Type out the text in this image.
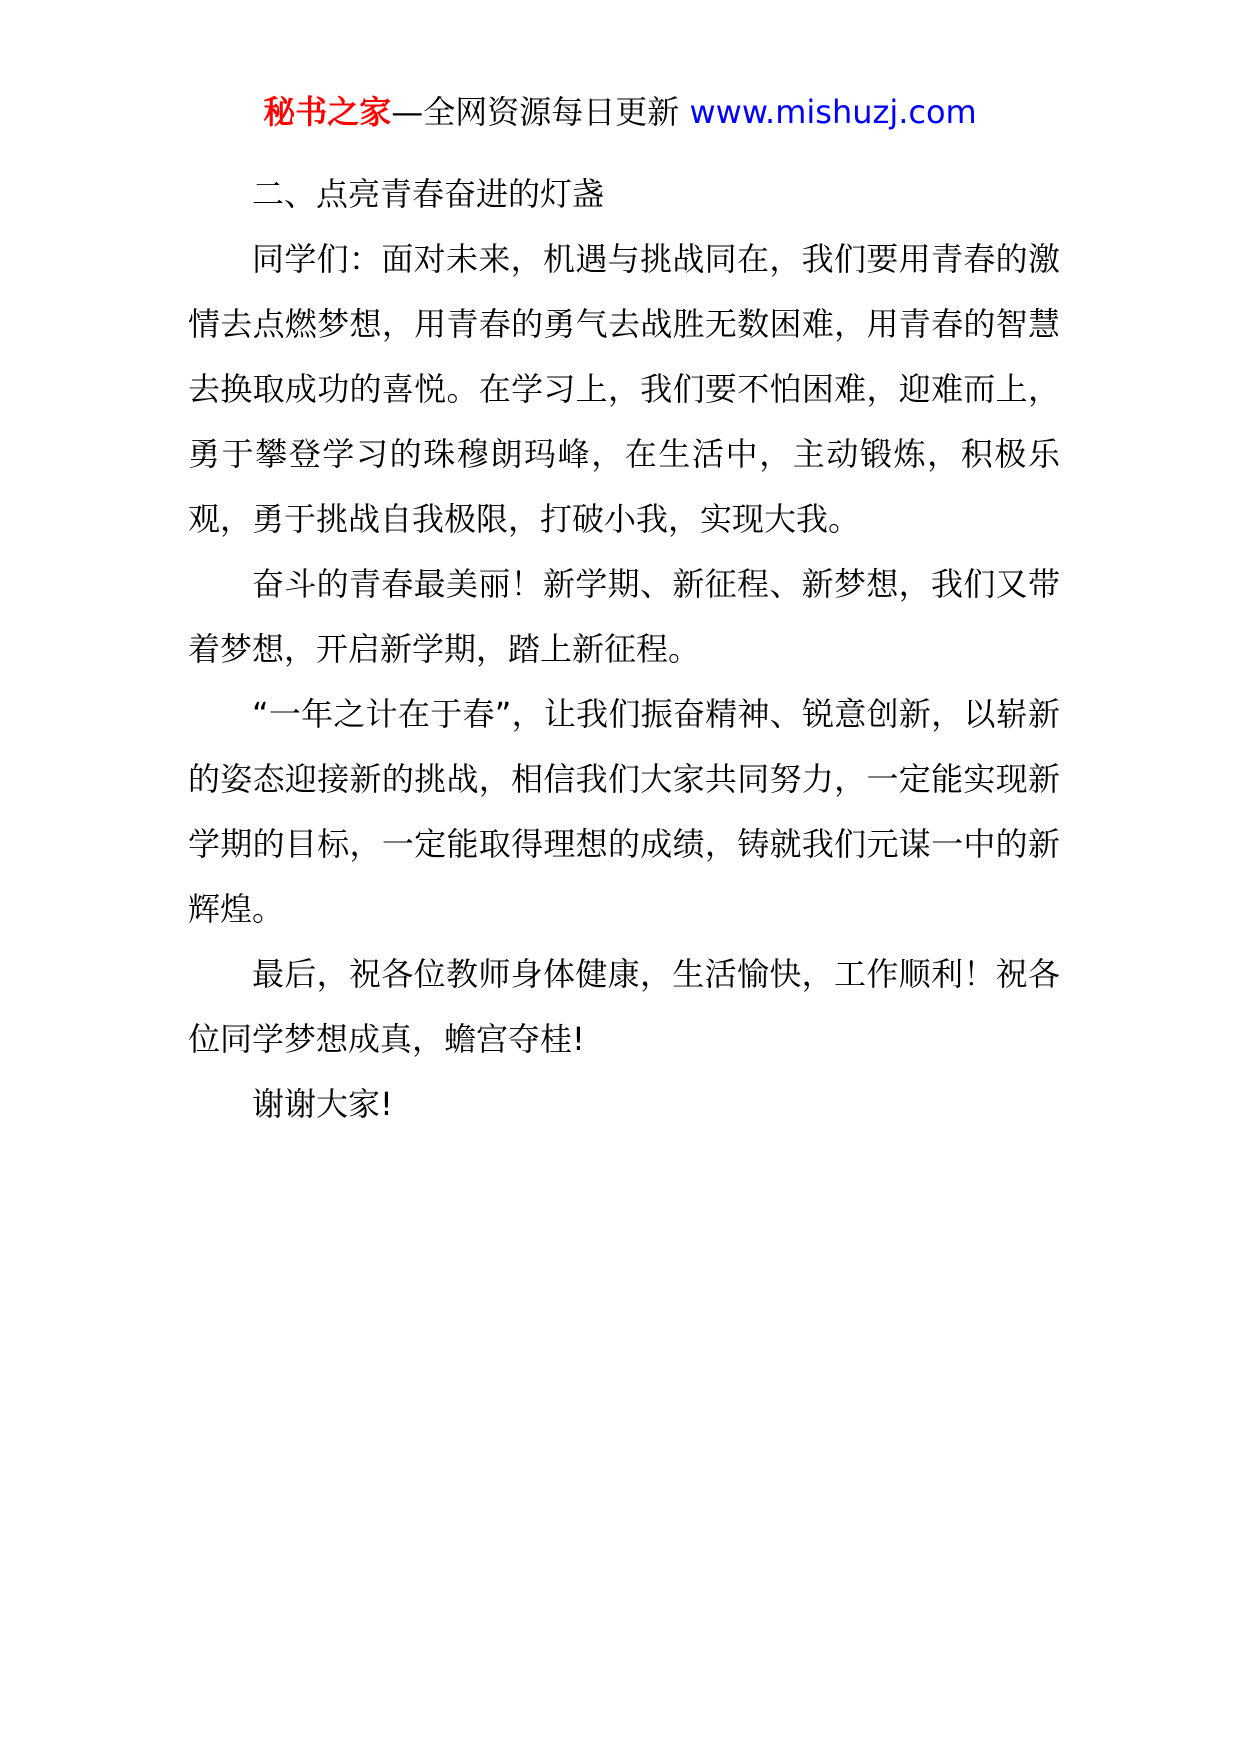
秘书之家—全网资源每日更新 www.mishuzj.com

二、点亮青春奋进的灯盏

同学们：面对未来，机遇与挑战同在，我们要用青春的激情去点燃梦想，用青春的勇气去战胜无数困难，用青春的智慧去换取成功的喜悦。在学习上，我们要不怕困难，迎难而上，勇于攀登学习的珠穆朗玛峰，在生活中，主动锻炼，积极乐观，勇于挑战自我极限，打破小我，实现大我。

奋斗的青春最美丽！新学期、新征程、新梦想，我们又带着梦想，开启新学期，踏上新征程。

“一年之计在于春”，让我们振奋精神、锐意创新，以崭新的姿态迎接新的挑战，相信我们大家共同努力，一定能实现新学期的目标，一定能取得理想的成绩，铸就我们元谋一中的新辉煌。

最后，祝各位教师身体健康，生活愉快，工作顺利！祝各位同学梦想成真，蟾宫夺桂!

谢谢大家!
